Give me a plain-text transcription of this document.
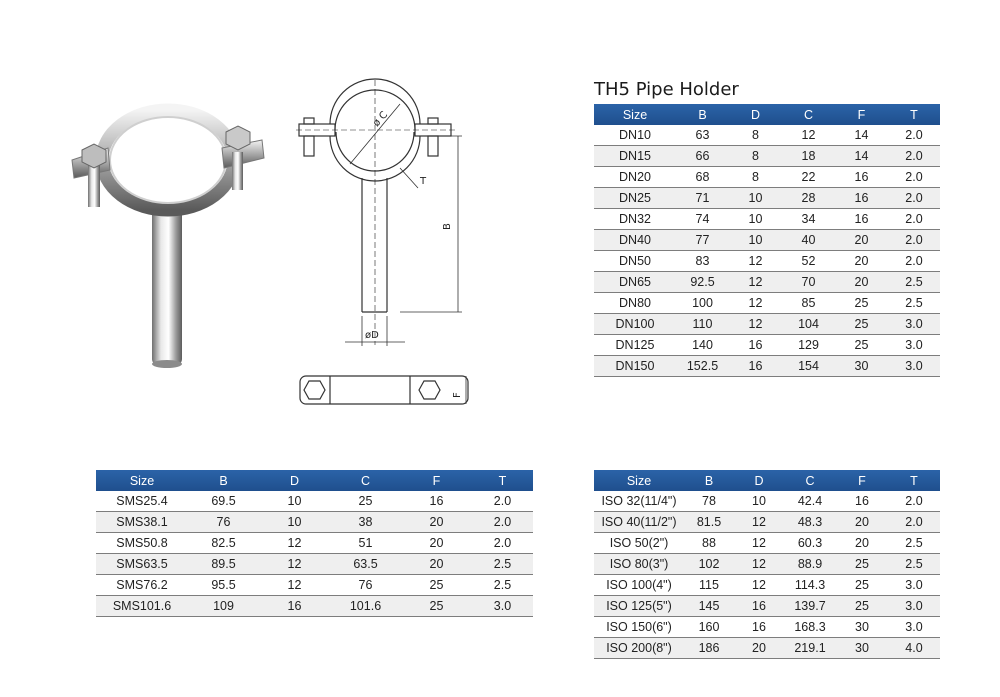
TH5 Pipe Holder
ø C
T
B
øD
F
Size	B	D	C	F	T
DN10	63	8	12	14	2.0
DN15	66	8	18	14	2.0
DN20	68	8	22	16	2.0
DN25	71	10	28	16	2.0
DN32	74	10	34	16	2.0
DN40	77	10	40	20	2.0
DN50	83	12	52	20	2.0
DN65	92.5	12	70	20	2.5
DN80	100	12	85	25	2.5
DN100	110	12	104	25	3.0
DN125	140	16	129	25	3.0
DN150	152.5	16	154	30	3.0
Size	B	D	C	F	T
SMS25.4	69.5	10	25	16	2.0
SMS38.1	76	10	38	20	2.0
SMS50.8	82.5	12	51	20	2.0
SMS63.5	89.5	12	63.5	20	2.5
SMS76.2	95.5	12	76	25	2.5
SMS101.6	109	16	101.6	25	3.0
Size	B	D	C	F	T
ISO 32(11/4")	78	10	42.4	16	2.0
ISO 40(11/2")	81.5	12	48.3	20	2.0
ISO 50(2")	88	12	60.3	20	2.5
ISO 80(3")	102	12	88.9	25	2.5
ISO 100(4")	115	12	114.3	25	3.0
ISO 125(5")	145	16	139.7	25	3.0
ISO 150(6")	160	16	168.3	30	3.0
ISO 200(8")	186	20	219.1	30	4.0
